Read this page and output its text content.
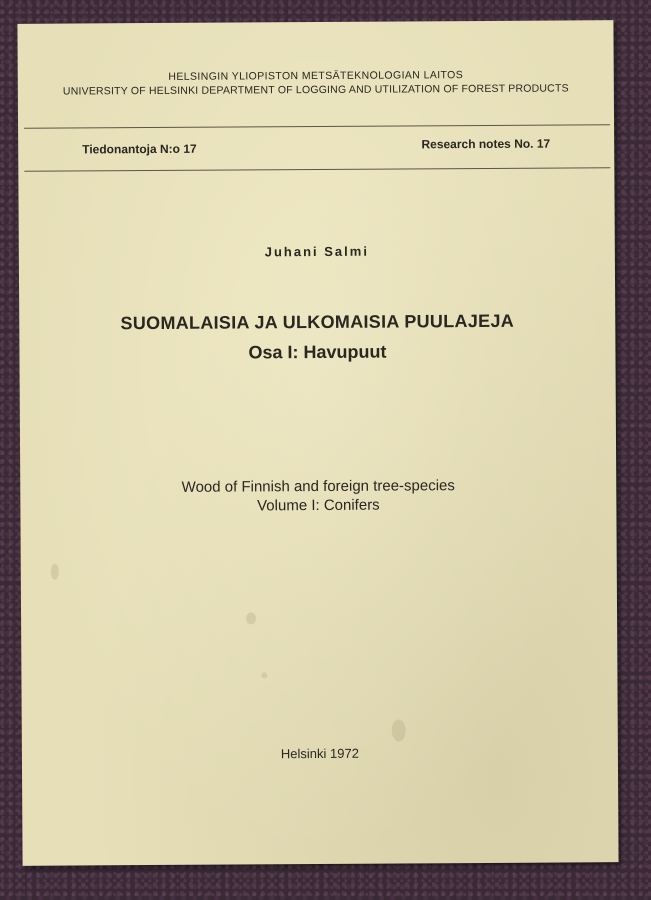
HELSINGIN YLIOPISTON METSÄTEKNOLOGIAN LAITOS
UNIVERSITY OF HELSINKI DEPARTMENT OF LOGGING AND UTILIZATION OF FOREST PRODUCTS
Tiedonantoja N:o 17	Research notes No. 17
Juhani Salmi
SUOMALAISIA JA ULKOMAISIA PUULAJEJA
Osa I: Havupuut
Wood of Finnish and foreign tree-species
Volume I: Conifers
Helsinki 1972
